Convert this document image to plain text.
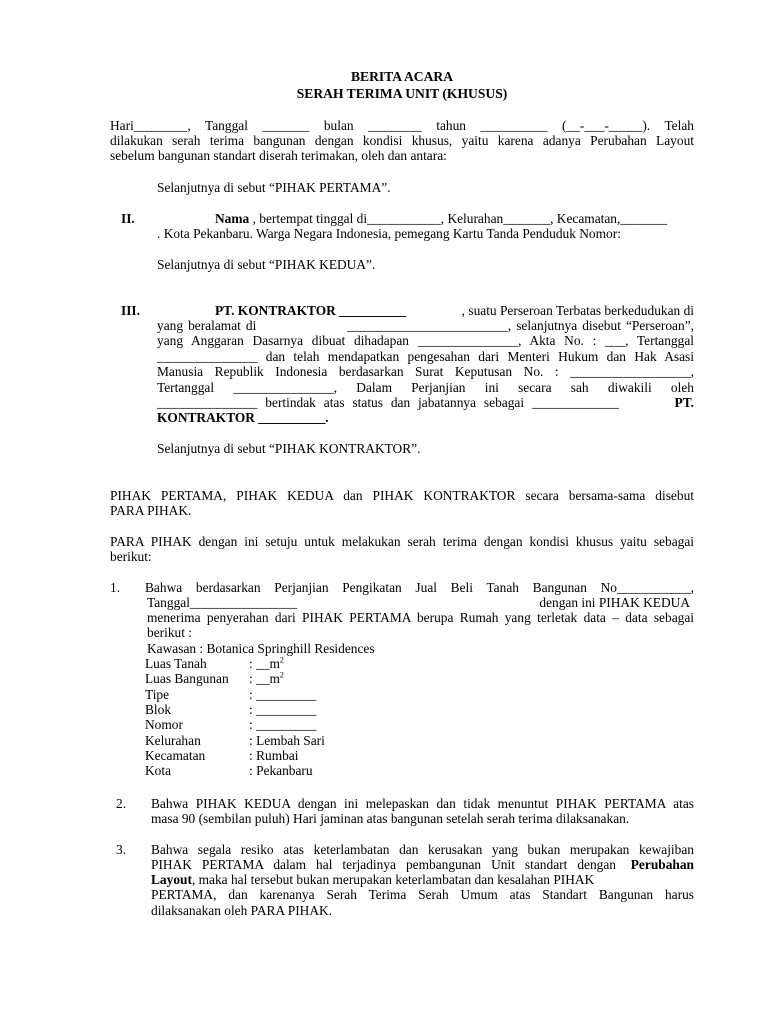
BERITA ACARA
SERAH TERIMA UNIT (KHUSUS)
Hari________, Tanggal _______ bulan ________ tahun __________ (__-___-_____). Telah
dilakukan serah terima bangunan dengan kondisi khusus, yaitu karena adanya Perubahan Layout
sebelum bangunan standart diserah terimakan, oleh dan antara:
Selanjutnya di sebut “PIHAK PERTAMA”.
II.	Nama , bertempat tinggal di___________, Kelurahan_______, Kecamatan,_______
. Kota Pekanbaru. Warga Negara Indonesia, pemegang Kartu Tanda Penduduk Nomor:
Selanjutnya di sebut “PIHAK KEDUA”.
III.	PT. KONTRAKTOR __________	, suatu Perseroan Terbatas berkedudukan di
yang beralamat di                  ________________________, selanjutnya disebut “Perseroan”,
yang Anggaran Dasarnya dibuat dihadapan _______________, Akta No. : ___, Tertanggal
_______________ dan telah mendapatkan pengesahan dari Menteri Hukum dan Hak Asasi
Manusia Republik Indonesia berdasarkan Surat Keputusan No. : __________________,
Tertanggal _______________, Dalam Perjanjian ini secara sah diwakili oleh
_______________ bertindak atas status dan jabatannya sebagai _____________	PT.
KONTRAKTOR __________.
Selanjutnya di sebut “PIHAK KONTRAKTOR”.
PIHAK PERTAMA, PIHAK KEDUA dan PIHAK KONTRAKTOR secara bersama-sama disebut
PARA PIHAK.
PARA PIHAK dengan ini setuju untuk melakukan serah terima dengan kondisi khusus yaitu sebagai
berikut:
1. Bahwa berdasarkan Perjanjian Pengikatan Jual Beli Tanah Bangunan No___________,
Tanggal________________	dengan ini PIHAK KEDUA
menerima penyerahan dari PIHAK PERTAMA berupa Rumah yang terletak data – data sebagai
berikut :
Kawasan : Botanica Springhill Residences
Luas Tanah	: $\_\_m^2$
Luas Bangunan : $\_\_m^2$
Tipe	: _________
Blok	: _________
Nomor	: _________
Kelurahan	: Lembah Sari
Kecamatan	: Rumbai
Kota	: Pekanbaru
2. Bahwa PIHAK KEDUA dengan ini melepaskan dan tidak menuntut PIHAK PERTAMA atas
masa 90 (sembilan puluh) Hari jaminan atas bangunan setelah serah terima dilaksanakan.
3. Bahwa segala resiko atas keterlambatan dan kerusakan yang bukan merupakan kewajiban
PIHAK PERTAMA dalam hal terjadinya pembangunan Unit standart dengan	Perubahan
Layout, maka hal tersebut bukan merupakan keterlambatan dan kesalahan PIHAK
PERTAMA, dan karenanya Serah Terima Serah Umum atas Standart Bangunan harus
dilaksanakan oleh PARA PIHAK.
